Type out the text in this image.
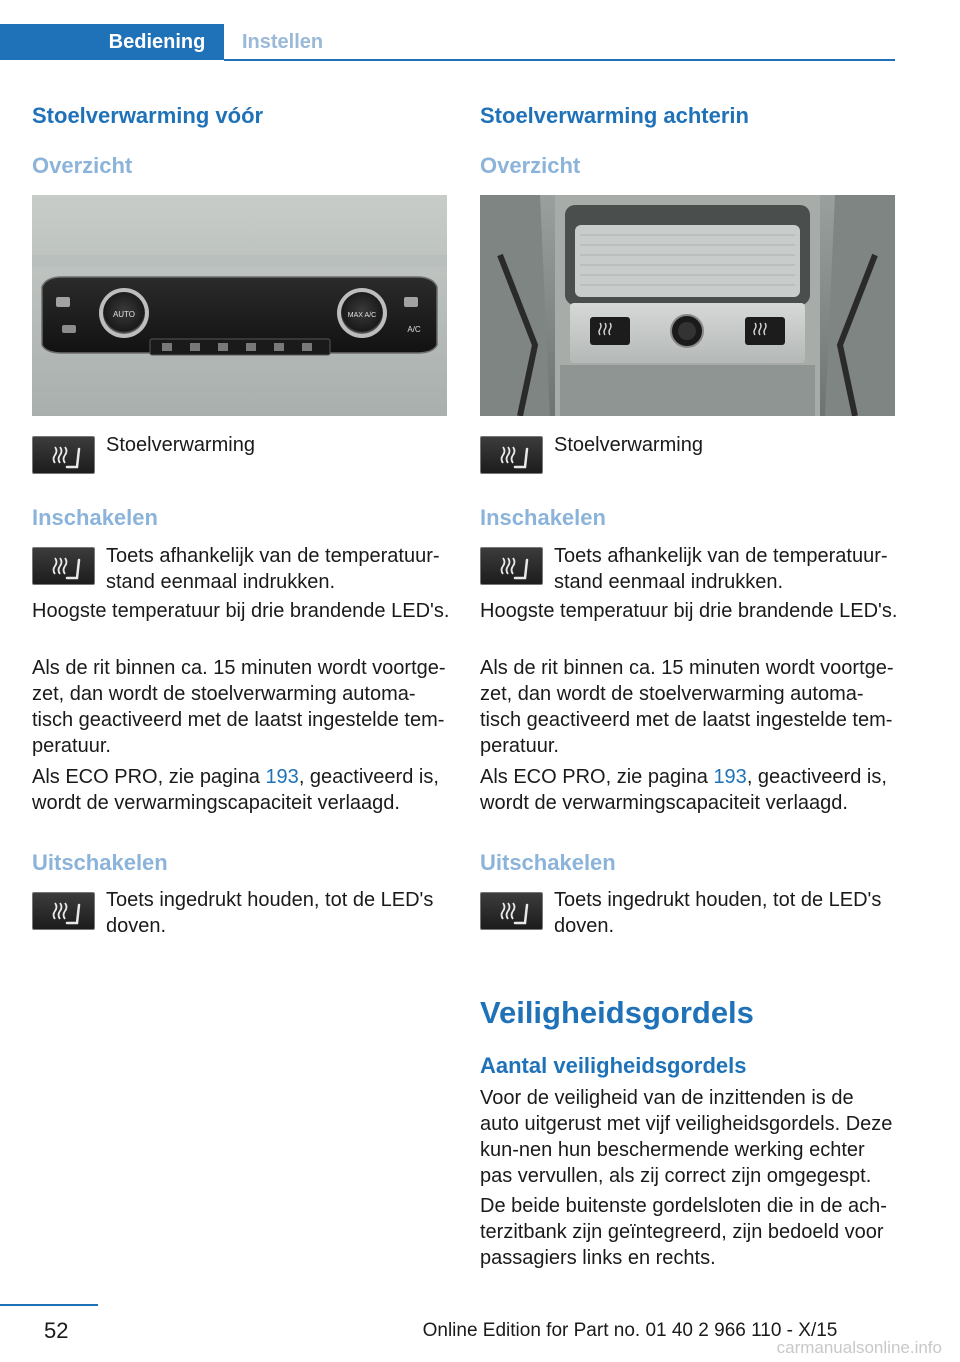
Bediening	Instellen
Stoelverwarming vóór
Overzicht
AUTO	MAX A/C
A/C
Stoelverwarming
Inschakelen
Toets afhankelijk van de temperatuur-stand eenmaal indrukken.
Hoogste temperatuur bij drie brandende LED's.
Als de rit binnen ca. 15 minuten wordt voortge-zet, dan wordt de stoelverwarming automa-tisch geactiveerd met de laatst ingestelde tem-peratuur.
Als ECO PRO, zie pagina 193, geactiveerd is, wordt de verwarmingscapaciteit verlaagd.
Uitschakelen
Toets ingedrukt houden, tot de LED's doven.
Stoelverwarming achterin
Overzicht
Stoelverwarming
Inschakelen
Toets afhankelijk van de temperatuur-stand eenmaal indrukken.
Hoogste temperatuur bij drie brandende LED's.
Als de rit binnen ca. 15 minuten wordt voortge-zet, dan wordt de stoelverwarming automa-tisch geactiveerd met de laatst ingestelde tem-peratuur.
Als ECO PRO, zie pagina 193, geactiveerd is, wordt de verwarmingscapaciteit verlaagd.
Uitschakelen
Toets ingedrukt houden, tot de LED's doven.
Veiligheidsgordels
Aantal veiligheidsgordels
Voor de veiligheid van de inzittenden is de auto uitgerust met vijf veiligheidsgordels. Deze kun-nen hun beschermende werking echter pas vervullen, als zij correct zijn omgegespt.
De beide buitenste gordelsloten die in de ach-terzitbank zijn geïntegreerd, zijn bedoeld voor passagiers links en rechts.
52	Online Edition for Part no. 01 40 2 966 110 - X/15
carmanualsonline.info
